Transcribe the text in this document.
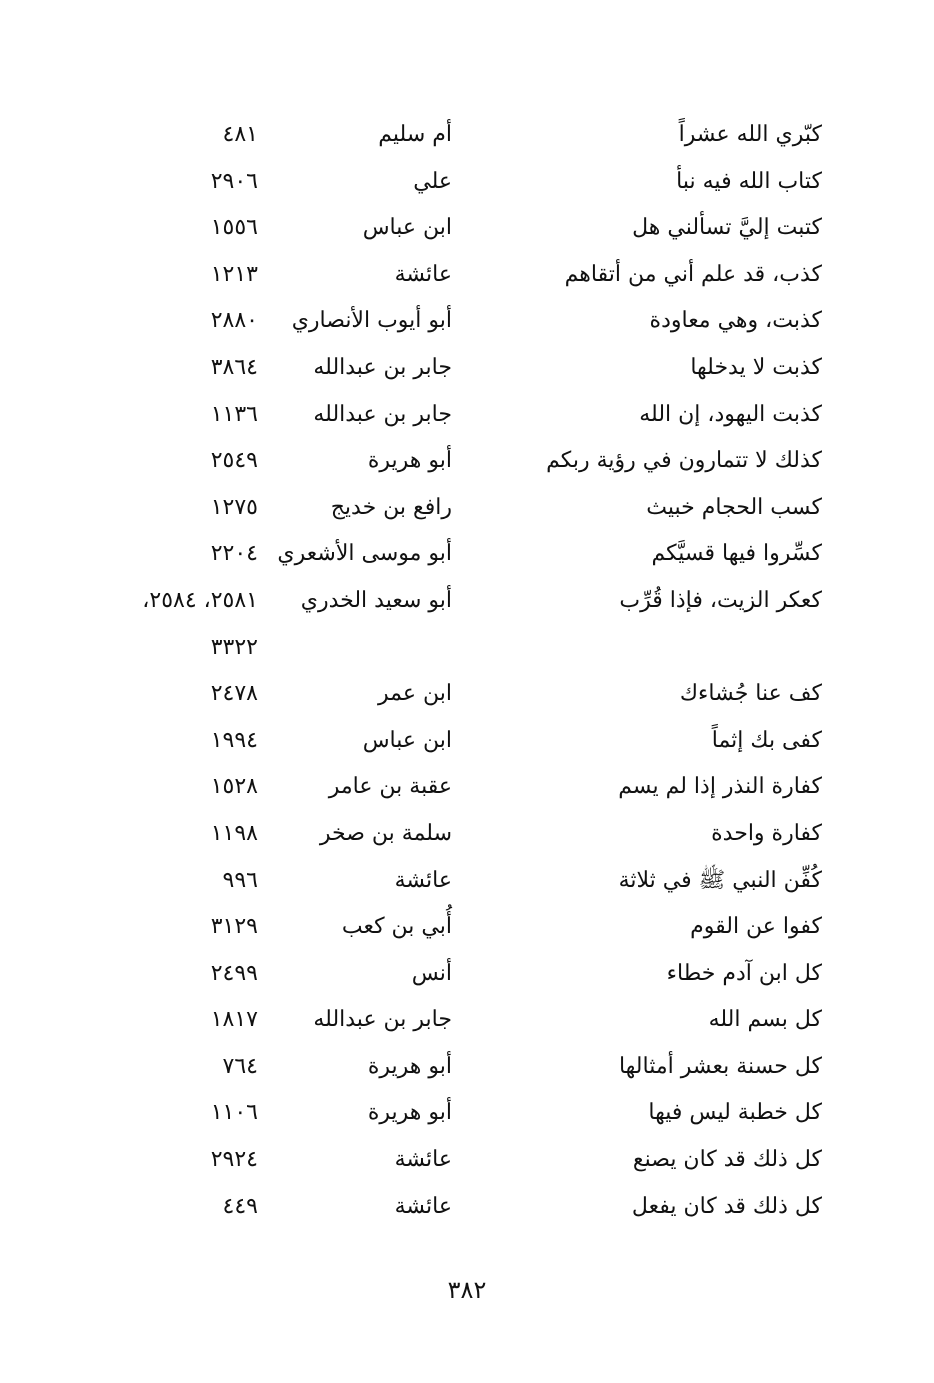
كبّري الله عشراً
أم سليم
٤٨١
كتاب الله فيه نبأ
علي
٢٩٠٦
كتبت إليَّ تسألني هل
ابن عباس
١٥٥٦
كذب، قد علم أني من أتقاهم
عائشة
١٢١٣
كذبت، وهي معاودة
أبو أيوب الأنصاري
٢٨٨٠
كذبت لا يدخلها
جابر بن عبدالله
٣٨٦٤
كذبت اليهود، إن الله
جابر بن عبدالله
١١٣٦
كذلك لا تتمارون في رؤية ربكم
أبو هريرة
٢٥٤٩
كسب الحجام خبيث
رافع بن خديج
١٢٧٥
كسِّروا فيها قسيَّكم
أبو موسى الأشعري
٢٢٠٤
كعكر الزيت، فإذا قُرِّب
أبو سعيد الخدري
٢٥٨١، ٢٥٨٤،
٣٣٢٢
كف عنا جُشاءك
ابن عمر
٢٤٧٨
كفى بك إثماً
ابن عباس
١٩٩٤
كفارة النذر إذا لم يسم
عقبة بن عامر
١٥٢٨
كفارة واحدة
سلمة بن صخر
١١٩٨
كُفِّن النبي ﷺ في ثلاثة
عائشة
٩٩٦
كفوا عن القوم
أُبي بن كعب
٣١٢٩
كل ابن آدم خطاء
أنس
٢٤٩٩
كل بسم الله
جابر بن عبدالله
١٨١٧
كل حسنة بعشر أمثالها
أبو هريرة
٧٦٤
كل خطبة ليس فيها
أبو هريرة
١١٠٦
كل ذلك قد كان يصنع
عائشة
٢٩٢٤
كل ذلك قد كان يفعل
عائشة
٤٤٩
٣٨٢
